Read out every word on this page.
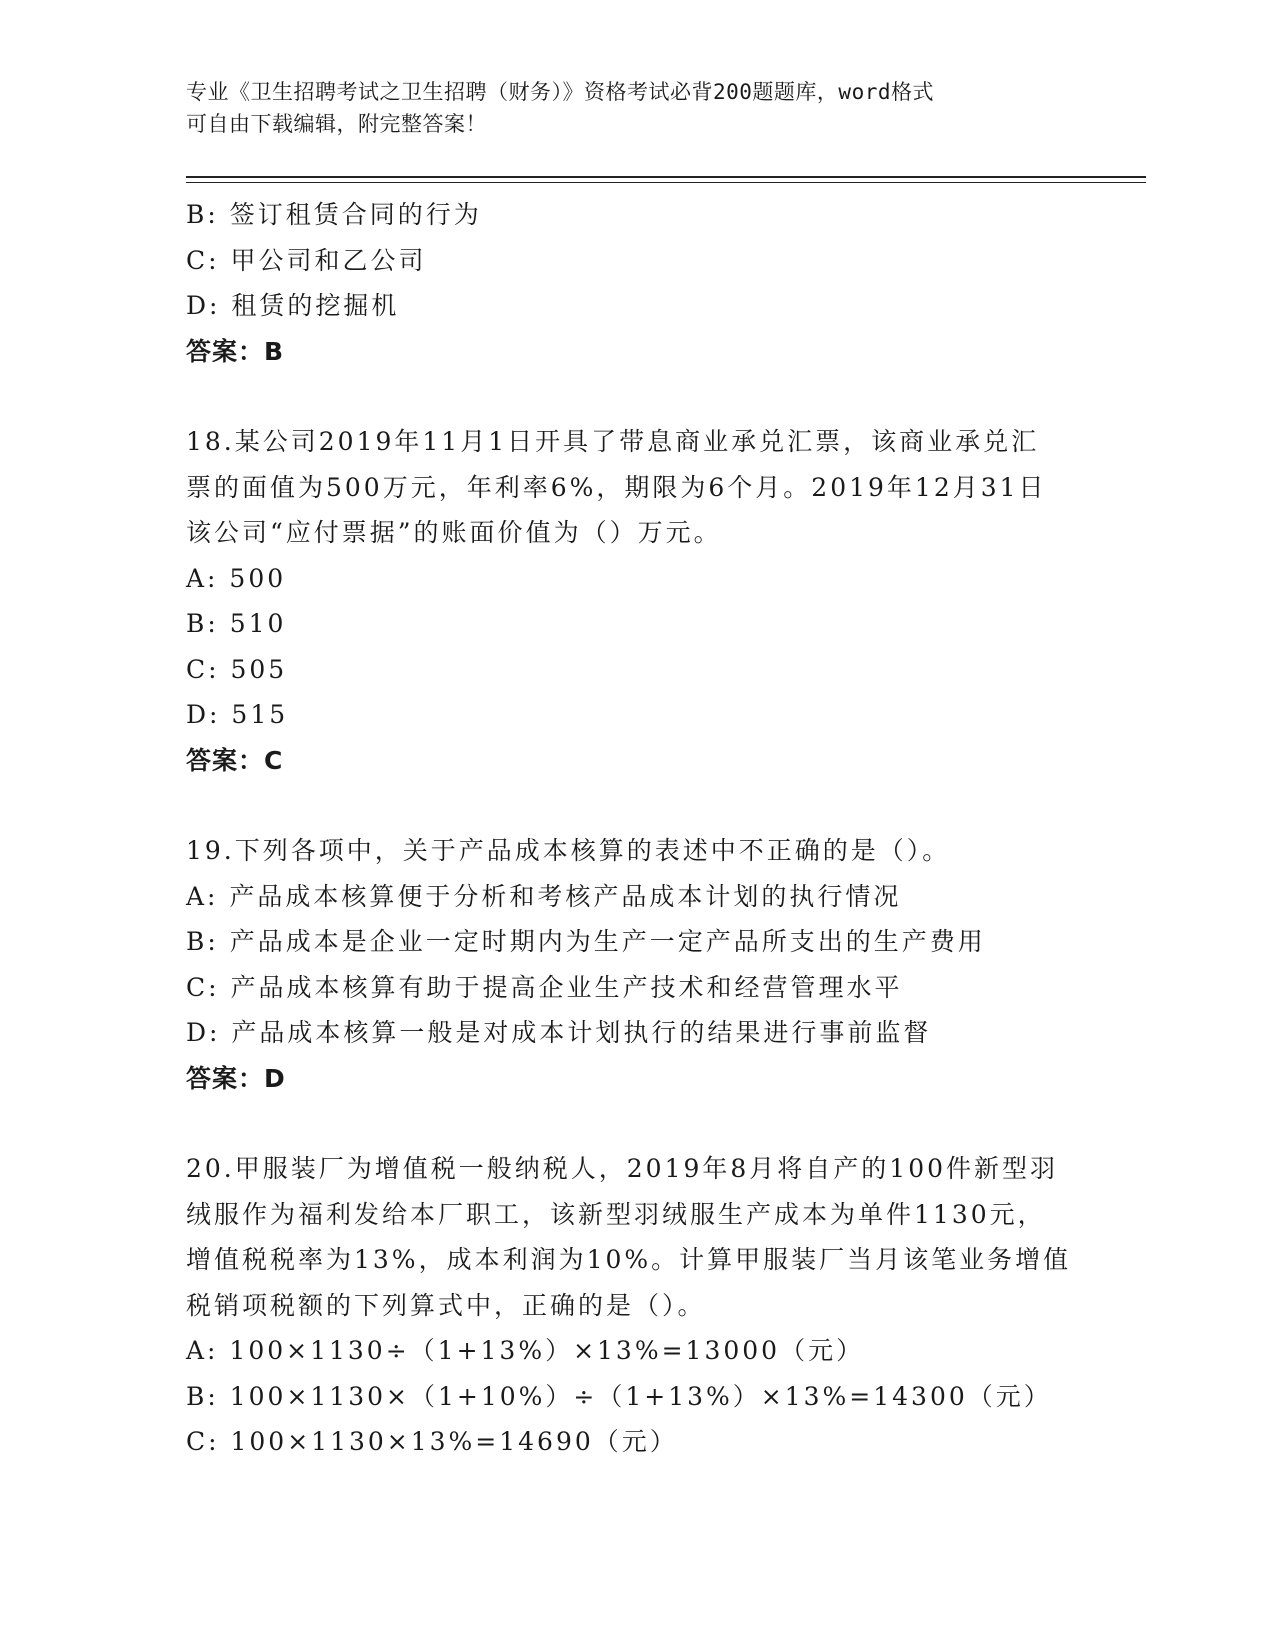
专业《卫生招聘考试之卫生招聘（财务）》资格考试必背200题题库，word格式
可自由下载编辑，附完整答案！
B: 签订租赁合同的行为
C: 甲公司和乙公司
D: 租赁的挖掘机
答案：B
18.某公司2019年11月1日开具了带息商业承兑汇票，该商业承兑汇
票的面值为500万元，年利率6%，期限为6个月。2019年12月31日
该公司“应付票据”的账面价值为（）万元。
A: 500
B: 510
C: 505
D: 515
答案：C
19.下列各项中，关于产品成本核算的表述中不正确的是（）。
A: 产品成本核算便于分析和考核产品成本计划的执行情况
B: 产品成本是企业一定时期内为生产一定产品所支出的生产费用
C: 产品成本核算有助于提高企业生产技术和经营管理水平
D: 产品成本核算一般是对成本计划执行的结果进行事前监督
答案：D
20.甲服装厂为增值税一般纳税人，2019年8月将自产的100件新型羽
绒服作为福利发给本厂职工，该新型羽绒服生产成本为单件1130元，
增值税税率为13%，成本利润为10%。计算甲服装厂当月该笔业务增值
税销项税额的下列算式中，正确的是（）。
A: 100×1130÷（1+13%）×13%=13000（元）
B: 100×1130×（1+10%）÷（1+13%）×13%=14300（元）
C: 100×1130×13%=14690（元）
